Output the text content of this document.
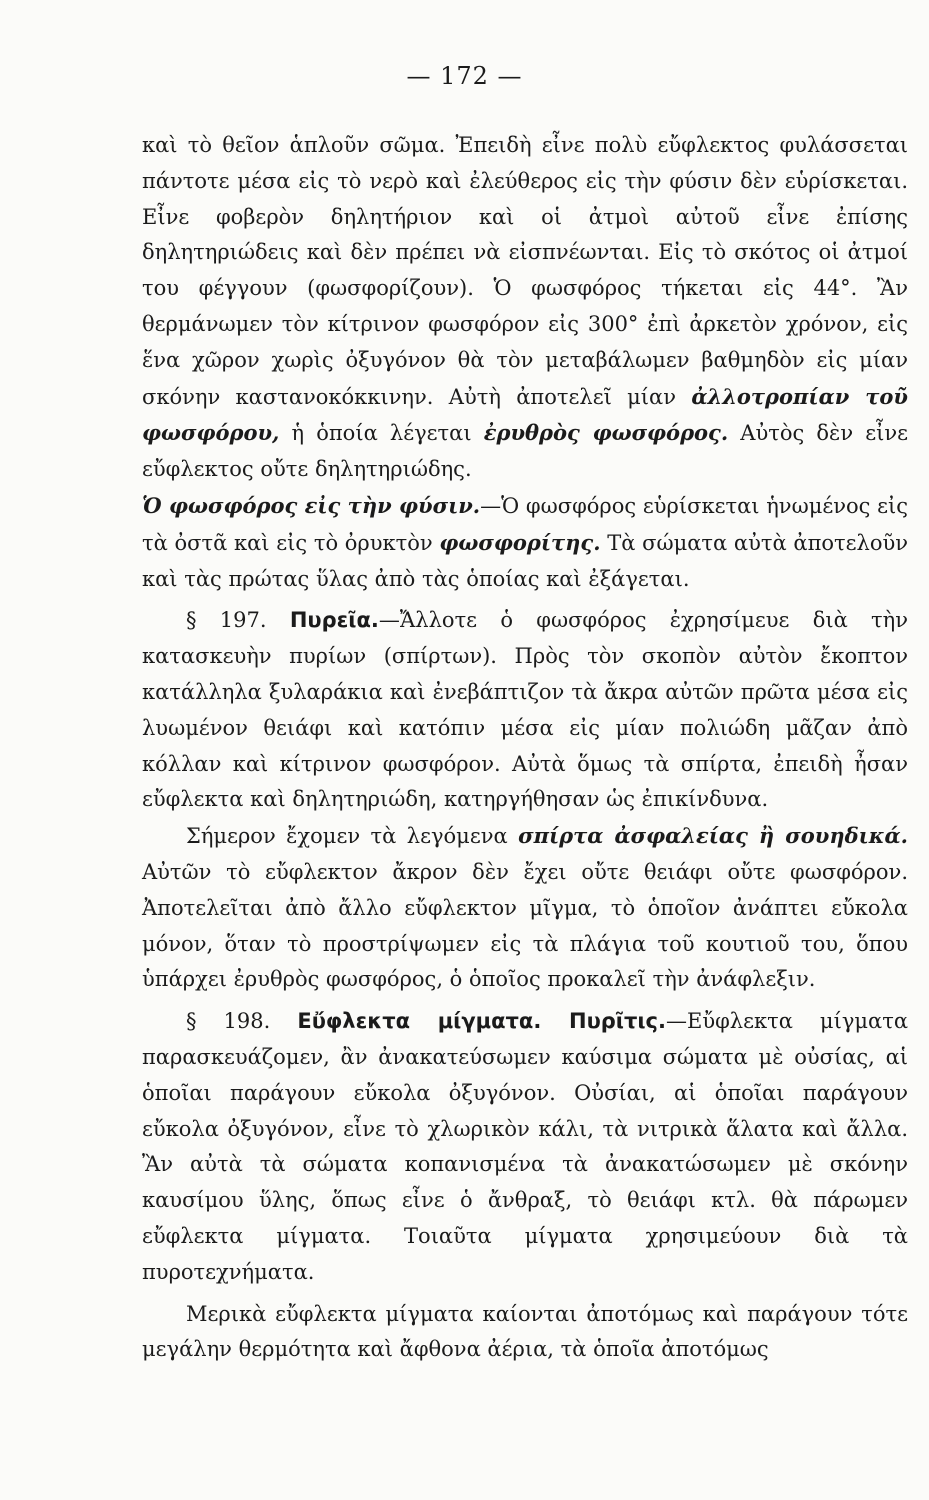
— 172 —

καὶ τὸ θεῖον ἁπλοῦν σῶμα. Ἐπειδὴ εἶνε πολὺ εὔφλεκτος φυλάσσεται πάντοτε μέσα εἰς τὸ νερὸ καὶ ἐλεύθερος εἰς τὴν φύσιν δὲν εὑρίσκεται. Εἶνε φοβερὸν δηλητήριον καὶ οἱ ἀτμοὶ αὐτοῦ εἶνε ἐπίσης δηλητηριώδεις καὶ δὲν πρέπει νὰ εἰσπνέωνται. Εἰς τὸ σκότος οἱ ἀτμοί του φέγγουν (φωσφορίζουν). Ὁ φωσφόρος τήκεται εἰς 44°. Ἂν θερμάνωμεν τὸν κίτρινον φωσφόρον εἰς 300° ἐπὶ ἀρκετὸν χρόνον, εἰς ἕνα χῶρον χωρὶς ὀξυγόνον θὰ τὸν μεταβάλωμεν βαθμηδὸν εἰς μίαν σκόνην καστανοκόκκινην. Αὐτὴ ἀποτελεῖ μίαν ἀλλοτροπίαν τοῦ φωσφόρου, ἡ ὁποία λέγεται ἐρυθρὸς φωσφόρος. Αὐτὸς δὲν εἶνε εὔφλεκτος οὔτε δηλητηριώδης.

Ὁ φωσφόρος εἰς τὴν φύσιν.—Ὁ φωσφόρος εὑρίσκεται ἡνωμένος εἰς τὰ ὀστᾶ καὶ εἰς τὸ ὀρυκτὸν φωσφορίτης. Τὰ σώματα αὐτὰ ἀποτελοῦν καὶ τὰς πρώτας ὕλας ἀπὸ τὰς ὁποίας καὶ ἐξάγεται.

§ 197. Πυρεῖα.—Ἄλλοτε ὁ φωσφόρος ἐχρησίμευε διὰ τὴν κατασκευὴν πυρίων (σπίρτων). Πρὸς τὸν σκοπὸν αὐτὸν ἔκοπτον κατάλληλα ξυλαράκια καὶ ἐνεβάπτιζον τὰ ἄκρα αὐτῶν πρῶτα μέσα εἰς λυωμένον θειάφι καὶ κατόπιν μέσα εἰς μίαν πολιώδη μᾶζαν ἀπὸ κόλλαν καὶ κίτρινον φωσφόρον. Αὐτὰ ὅμως τὰ σπίρτα, ἐπειδὴ ἦσαν εὔφλεκτα καὶ δηλητηριώδη, κατηργήθησαν ὡς ἐπικίνδυνα.

Σήμερον ἔχομεν τὰ λεγόμενα σπίρτα ἀσφαλείας ἢ σουηδικά. Αὐτῶν τὸ εὔφλεκτον ἄκρον δὲν ἔχει οὔτε θειάφι οὔτε φωσφόρον. Ἀποτελεῖται ἀπὸ ἄλλο εὔφλεκτον μῖγμα, τὸ ὁποῖον ἀνάπτει εὔκολα μόνον, ὅταν τὸ προστρίψωμεν εἰς τὰ πλάγια τοῦ κουτιοῦ του, ὅπου ὑπάρχει ἐρυθρὸς φωσφόρος, ὁ ὁποῖος προκαλεῖ τὴν ἀνάφλεξιν.

§ 198. Εὔφλεκτα μίγματα. Πυρῖτις.—Εὔφλεκτα μίγματα παρασκευάζομεν, ἂν ἀνακατεύσωμεν καύσιμα σώματα μὲ οὐσίας, αἱ ὁποῖαι παράγουν εὔκολα ὀξυγόνον. Οὐσίαι, αἱ ὁποῖαι παράγουν εὔκολα ὀξυγόνον, εἶνε τὸ χλωρικὸν κάλι, τὰ νιτρικὰ ἅλατα καὶ ἄλλα. Ἂν αὐτὰ τὰ σώματα κοπανισμένα τὰ ἀνακατώσωμεν μὲ σκόνην καυσίμου ὕλης, ὅπως εἶνε ὁ ἄνθραξ, τὸ θειάφι κτλ. θὰ πάρωμεν εὔφλεκτα μίγματα. Τοιαῦτα μίγματα χρησιμεύουν διὰ τὰ πυροτεχνήματα.

Μερικὰ εὔφλεκτα μίγματα καίονται ἀποτόμως καὶ παράγουν τότε μεγάλην θερμότητα καὶ ἄφθονα ἀέρια, τὰ ὁποῖα ἀποτόμως
